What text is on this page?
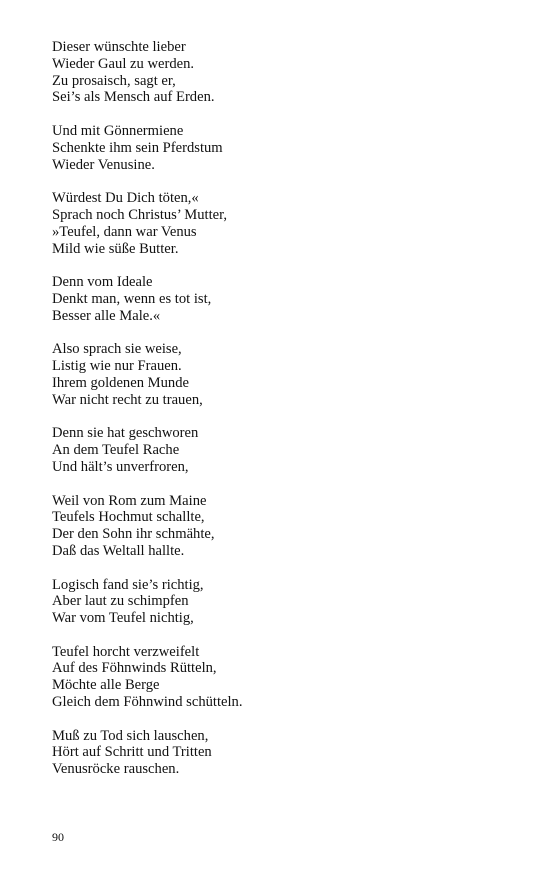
Dieser wünschte lieber
Wieder Gaul zu werden.
Zu prosaisch, sagt er,
Sei’s als Mensch auf Erden.
Und mit Gönnermiene
Schenkte ihm sein Pferdstum
Wieder Venusine.
Würdest Du Dich töten,«
Sprach noch Christus’ Mutter,
»Teufel, dann war Venus
Mild wie süße Butter.
Denn vom Ideale
Denkt man, wenn es tot ist,
Besser alle Male.«
Also sprach sie weise,
Listig wie nur Frauen.
Ihrem goldenen Munde
War nicht recht zu trauen,
Denn sie hat geschworen
An dem Teufel Rache
Und hält’s unverfroren,
Weil von Rom zum Maine
Teufels Hochmut schallte,
Der den Sohn ihr schmähte,
Daß das Weltall hallte.
Logisch fand sie’s richtig,
Aber laut zu schimpfen
War vom Teufel nichtig,
Teufel horcht verzweifelt
Auf des Föhnwinds Rütteln,
Möchte alle Berge
Gleich dem Föhnwind schütteln.
Muß zu Tod sich lauschen,
Hört auf Schritt und Tritten
Venusröcke rauschen.
90
